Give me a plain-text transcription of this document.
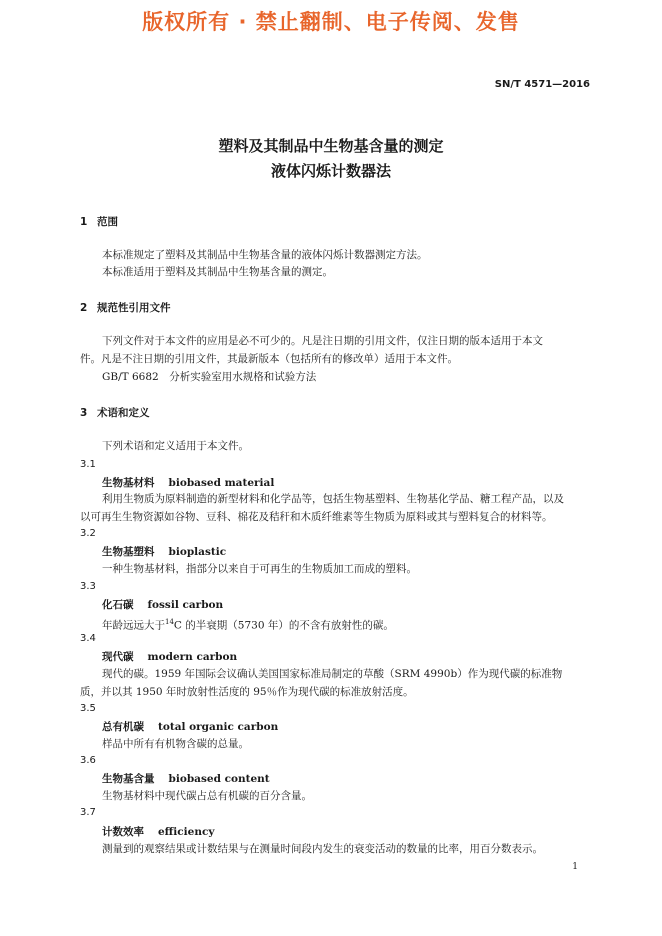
版权所有 · 禁止翻制、电子传阅、发售
SN/T 4571—2016
塑料及其制品中生物基含量的测定
液体闪烁计数器法
1 范围
本标准规定了塑料及其制品中生物基含量的液体闪烁计数器测定方法。
本标准适用于塑料及其制品中生物基含量的测定。
2 规范性引用文件
下列文件对于本文件的应用是必不可少的。凡是注日期的引用文件，仅注日期的版本适用于本文
件。凡是不注日期的引用文件，其最新版本（包括所有的修改单）适用于本文件。
GB/T 6682　分析实验室用水规格和试验方法
3 术语和定义
下列术语和定义适用于本文件。
3.1
生物基材料 biobased material
利用生物质为原料制造的新型材料和化学品等，包括生物基塑料、生物基化学品、糖工程产品，以及
以可再生生物资源如谷物、豆科、棉花及秸秆和木质纤维素等生物质为原料或其与塑料复合的材料等。
3.2
生物基塑料 bioplastic
一种生物基材料，指部分以来自于可再生的生物质加工而成的塑料。
3.3
化石碳 fossil carbon
年龄远远大于$^{14}$C 的半衰期（5730 年）的不含有放射性的碳。
3.4
现代碳 modern carbon
现代的碳。1959 年国际会议确认美国国家标准局制定的草酸（SRM 4990b）作为现代碳的标准物
质，并以其 1950 年时放射性活度的 95％作为现代碳的标准放射活度。
3.5
总有机碳 total organic carbon
样品中所有有机物含碳的总量。
3.6
生物基含量 biobased content
生物基材料中现代碳占总有机碳的百分含量。
3.7
计数效率 efficiency
测量到的观察结果或计数结果与在测量时间段内发生的衰变活动的数量的比率，用百分数表示。
1
